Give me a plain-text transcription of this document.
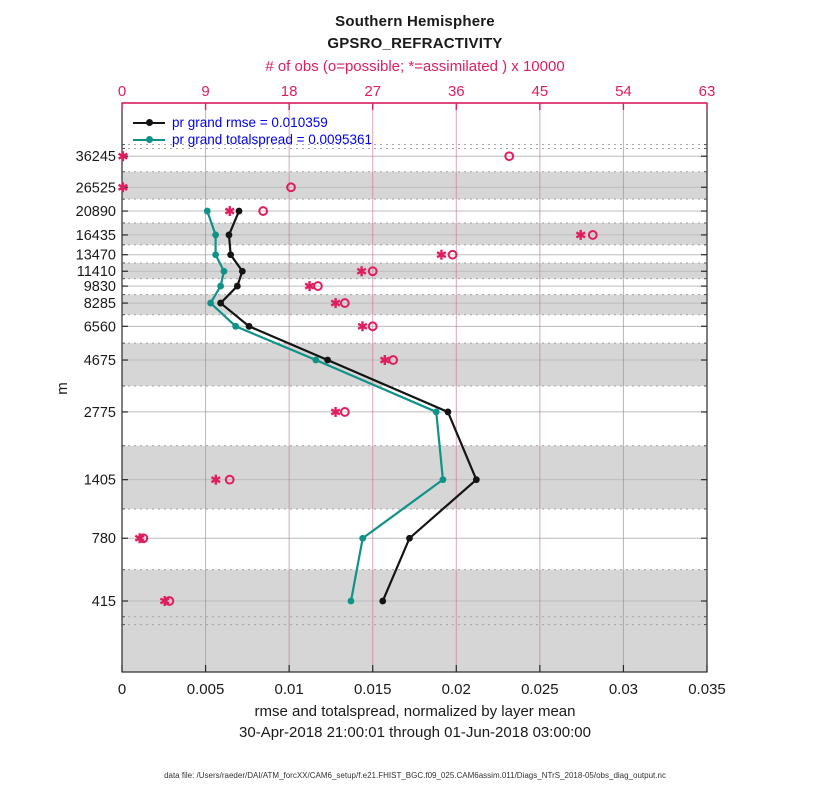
Southern Hemisphere
GPSRO_REFRACTIVITY
# of obs (o=possible; *=assimilated ) x 10000
0	9	18	27	36	45	54	63
0	0.005	0.01	0.015	0.02	0.025	0.03	0.035
415
780
1405
2775
4675
6560
8285
9830
11410
13470
16435
20890
26525
36245
pr grand rmse = 0.010359
pr grand totalspread = 0.0095361
m
rmse and totalspread, normalized by layer mean
30-Apr-2018 21:00:01 through 01-Jun-2018 03:00:00
data file: /Users/raeder/DAI/ATM_forcXX/CAM6_setup/f.e21.FHIST_BGC.f09_025.CAM6assim.011/Diags_NTrS_2018-05/obs_diag_output.nc
